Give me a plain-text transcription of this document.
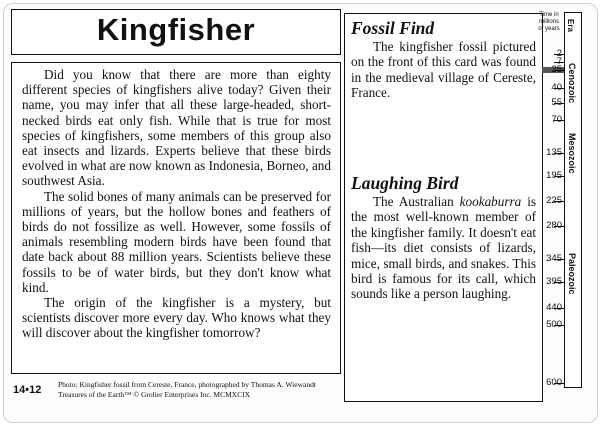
Kingfisher

Did you know that there are more than eighty different species of kingfishers alive today? Given their name, you may infer that all these large-headed, short-necked birds eat only fish. While that is true for most species of kingfishers, some members of this group also eat insects and lizards. Experts believe that these birds evolved in what are now known as Indonesia, Borneo, and southwest Asia.

The solid bones of many animals can be preserved for millions of years, but the hollow bones and feathers of birds do not fossilize as well. However, some fossils of animals resembling modern birds have been found that date back about 88 million years. Scientists believe these fossils to be of water birds, but they don't know what kind.

The origin of the kingfisher is a mystery, but scientists discover more every day. Who knows what they will discover about the kingfisher tomorrow?

Fossil Find

The kingfisher fossil pictured on the front of this card was found in the medieval village of Cereste, France.

Laughing Bird

The Australian kookaburra is the most well-known member of the kingfisher family. It doesn't eat fish—its diet consists of lizards, mice, small birds, and snakes. This bird is famous for its call, which sounds like a person laughing.

Time in millions of years Era
Cenozoic
Mesozoic
Paleozoic
2
7
25
40
55
70
135
195
225
280
345
395
440
500
600
14•12 Photo: Kingfisher fossil from Cereste, France, photographed by Thomas A. Wiewandt
Treasures of the Earth™ © Grolier Enterprises Inc. MCMXCIX
